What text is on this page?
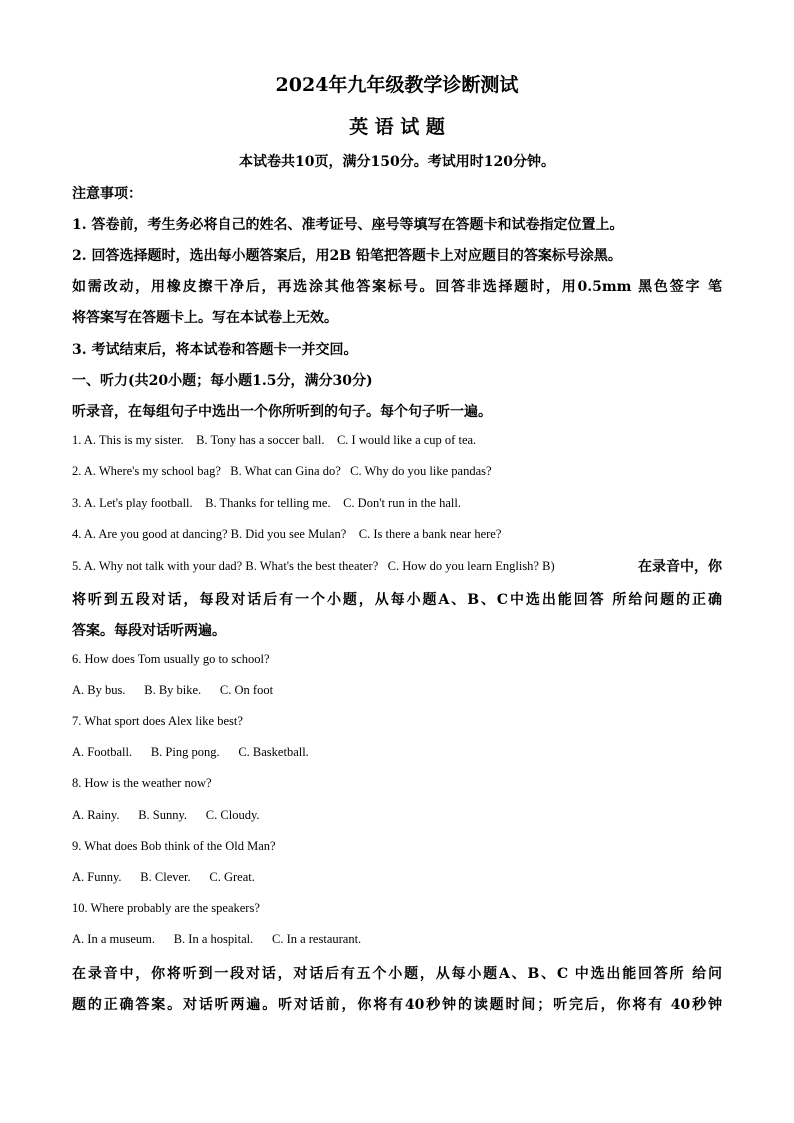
2024年九年级教学诊断测试
英 语 试 题
本试卷共10页，满分150分。考试用时120分钟。
注意事项：
1. 答卷前，考生务必将自己的姓名、准考证号、座号等填写在答题卡和试卷指定位置上。
2. 回答选择题时，选出每小题答案后，用2B 铅笔把答题卡上对应题目的答案标号涂黑。
如需改动，用橡皮擦干净后，再选涂其他答案标号。回答非选择题时，用0.5mm 黑色签字 笔
将答案写在答题卡上。写在本试卷上无效。
3. 考试结束后，将本试卷和答题卡一并交回。
一、听力(共20小题；每小题1.5分，满分30分)
听录音，在每组句子中选出一个你所听到的句子。每个句子听一遍。
1. A. This is my sister.    B. Tony has a soccer ball.    C. I would like a cup of tea.
2. A. Where's my school bag?   B. What can Gina do?   C. Why do you like pandas?
3. A. Let's play football.    B. Thanks for telling me.    C. Don't run in the hall.
4. A. Are you good at dancing? B. Did you see Mulan?    C. Is there a bank near here?
5. A. Why not talk with your dad? B. What's the best theater?   C. How do you learn English? B)	在录音中，你
将听到五段对话，每段对话后有一个小题，从每小题A、B、C中选出能回答 所给问题的正确
答案。每段对话听两遍。
6. How does Tom usually go to school?
A. By bus.      B. By bike.      C. On foot
7. What sport does Alex like best?
A. Football.      B. Ping pong.      C. Basketball.
8. How is the weather now?
A. Rainy.      B. Sunny.      C. Cloudy.
9. What does Bob think of the Old Man?
A. Funny.      B. Clever.      C. Great.
10. Where probably are the speakers?
A. In a museum.      B. In a hospital.      C. In a restaurant.
在录音中，你将听到一段对话，对话后有五个小题，从每小题A、B、C 中选出能回答所 给问
题的正确答案。对话听两遍。听对话前，你将有40秒钟的读题时间；听完后，你将有 40秒钟
